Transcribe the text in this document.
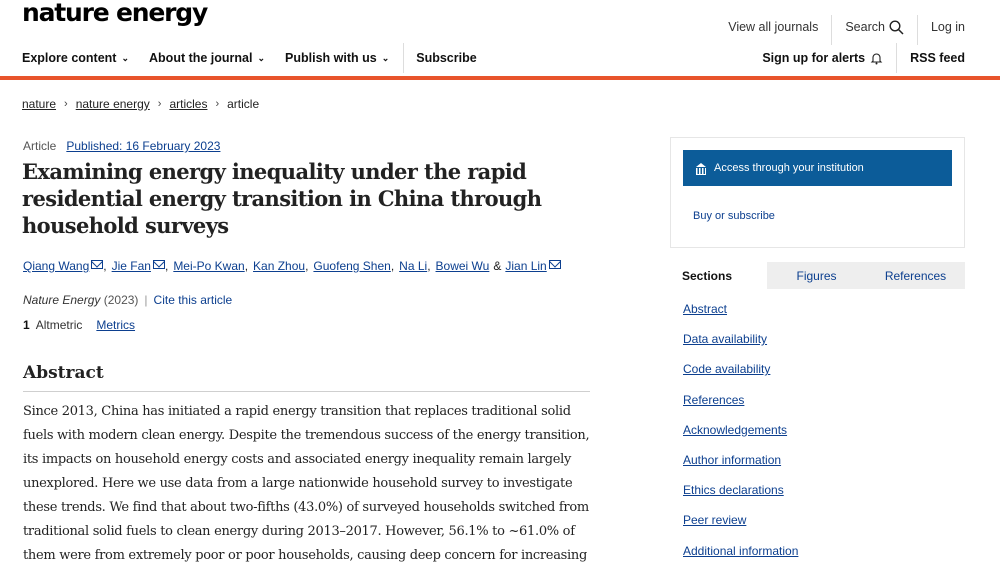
nature energy	View all journals	Search	Log in
Explore content ⌄ About the journal ⌄ Publish with us ⌄ Subscribe	Sign up for alerts	RSS feed
nature › nature energy › articles › article
Article Published: 16 February 2023
Examining energy inequality under the rapid residential energy transition in China through household surveys
Qiang Wang , Jie Fan , Mei-Po Kwan , Kan Zhou , Guofeng Shen , Na Li , Bowei Wu & Jian Lin
Nature Energy
(2023) | Cite this article
1 Altmetric Metrics
Abstract

Since 2013, China has initiated a rapid energy transition that replaces traditional solid fuels with modern clean energy. Despite the tremendous success of the energy transition, its impacts on household energy costs and associated energy inequality remain largely unexplored. Here we use data from a large nationwide household survey to investigate these trends. We find that about two-fifths (43.0%) of surveyed households switched from traditional solid fuels to clean energy during 2013–2017. However, 56.1% to ~61.0% of them were from extremely poor or poor households, causing deep concern for increasing

Access through your institution
Buy or subscribe
Sections	Figures	References
Abstract
Data availability
Code availability
References
Acknowledgements
Author information
Ethics declarations
Peer review
Additional information
